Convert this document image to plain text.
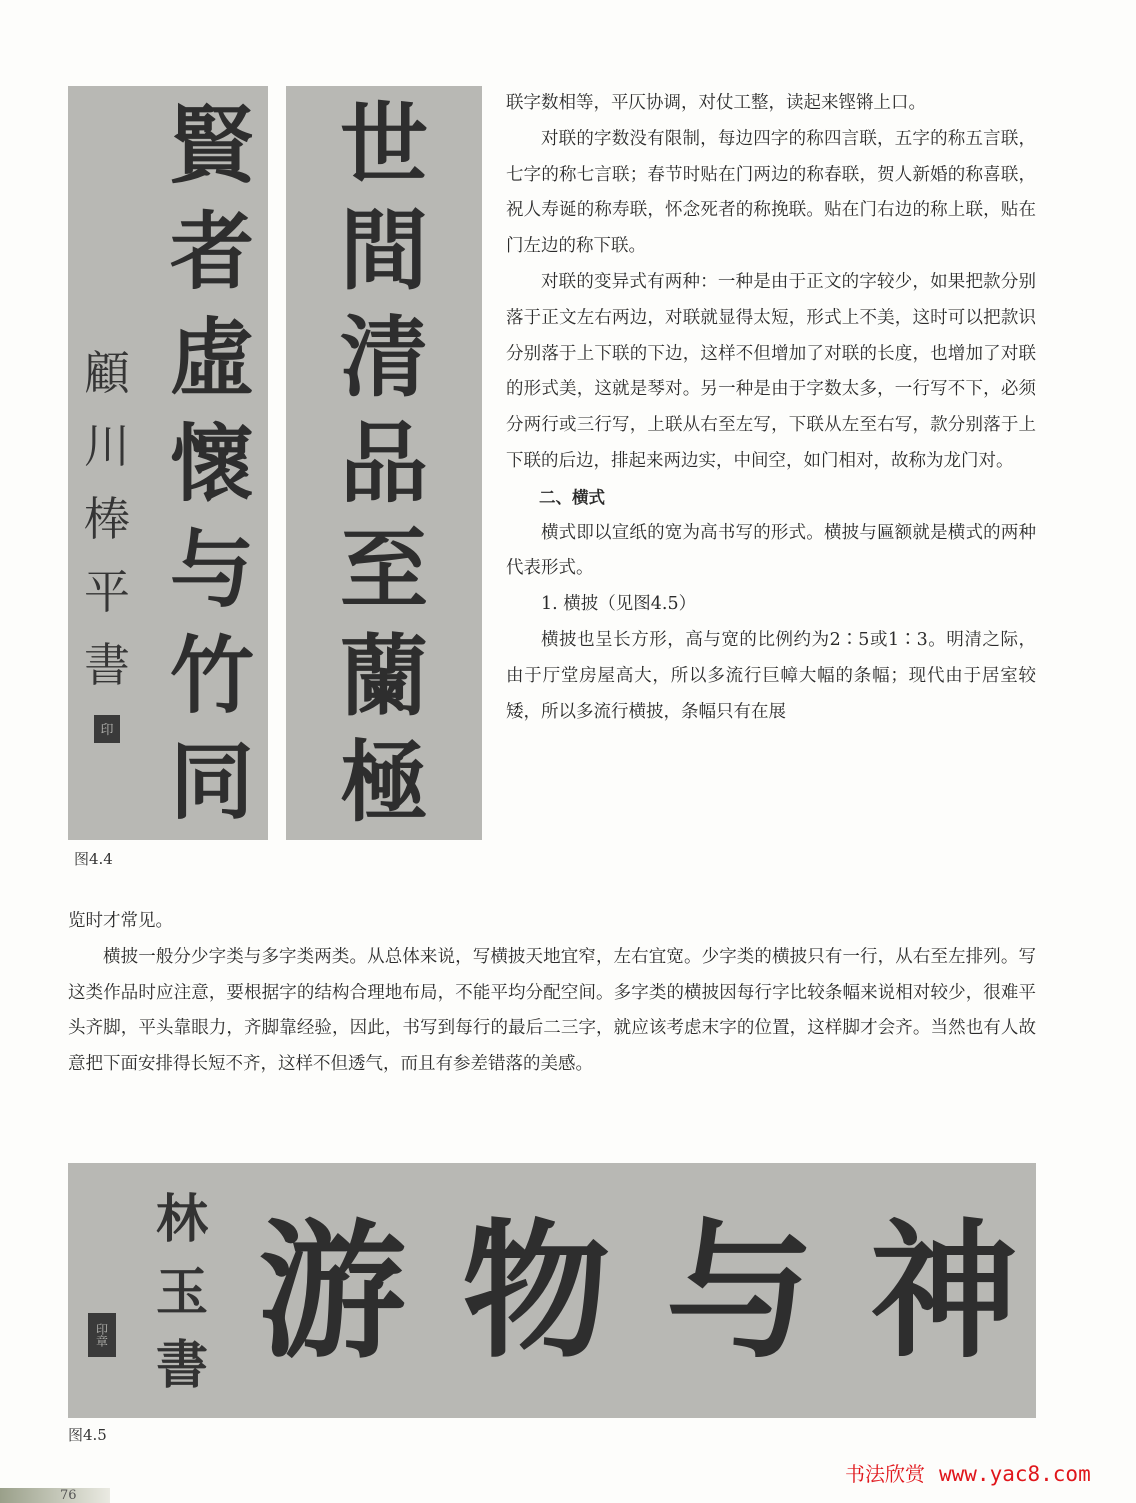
賢
者
虛
懷
与
竹
同
顧
川
棒
平
書
印
世
間
清
品
至
蘭
極
图4.4

联字数相等，平仄协调，对仗工整，读起来铿锵上口。

对联的字数没有限制，每边四字的称四言联，五字的称五言联，七字的称七言联；春节时贴在门两边的称春联，贺人新婚的称喜联，祝人寿诞的称寿联，怀念死者的称挽联。贴在门右边的称上联，贴在门左边的称下联。

对联的变异式有两种：一种是由于正文的字较少，如果把款分别落于正文左右两边，对联就显得太短，形式上不美，这时可以把款识分别落于上下联的下边，这样不但增加了对联的长度，也增加了对联的形式美，这就是琴对。另一种是由于字数太多，一行写不下，必须分两行或三行写，上联从右至左写，下联从左至右写，款分别落于上下联的后边，排起来两边实，中间空，如门相对，故称为龙门对。

二、横式

横式即以宣纸的宽为高书写的形式。横披与匾额就是横式的两种代表形式。

1. 横披（见图4.5）

横披也呈长方形，高与宽的比例约为2∶5或1∶3。明清之际，由于厅堂房屋高大，所以多流行巨幛大幅的条幅；现代由于居室较矮，所以多流行横披，条幅只有在展

览时才常见。

横披一般分少字类与多字类两类。从总体来说，写横披天地宜窄，左右宜宽。少字类的横披只有一行，从右至左排列。写这类作品时应注意，要根据字的结构合理地布局，不能平均分配空间。多字类的横披因每行字比较条幅来说相对较少，很难平头齐脚，平头靠眼力，齐脚靠经验，因此，书写到每行的最后二三字，就应该考虑末字的位置，这样脚才会齐。当然也有人故意把下面安排得长短不齐，这样不但透气，而且有参差错落的美感。

神
与
物
游
林
玉
書
印章
图4.5
76
书法欣赏 www.yac8.com
